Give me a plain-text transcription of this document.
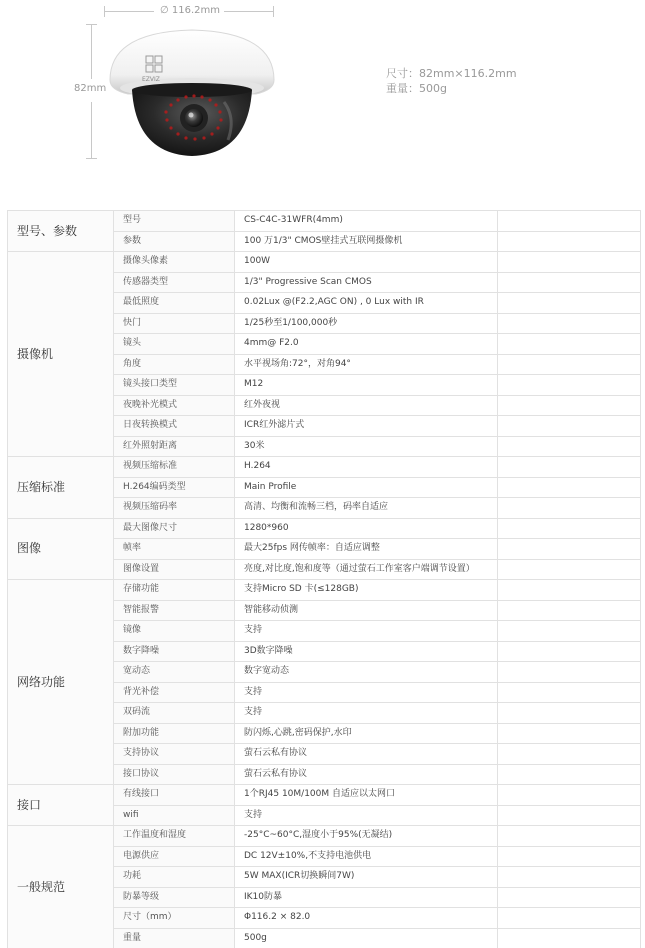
∅ 116.2mm
82mm
EZVIZ	尺寸：82mm×116.2mm
重量：500g
型号、参数	型号	CS-C4C-31WFR(4mm)	
	参数	100 万1/3" CMOS壁挂式互联网摄像机	
摄像机	摄像头像素	100W	
	传感器类型	1/3" Progressive Scan CMOS	
	最低照度	0.02Lux @(F2.2,AGC ON) , 0 Lux with IR	
	快门	1/25秒至1/100,000秒	
	镜头	4mm@ F2.0	
	角度	水平视场角:72°，对角94°	
	镜头接口类型	M12	
	夜晚补光模式	红外夜视	
	日夜转换模式	ICR红外滤片式	
	红外照射距离	30米	
压缩标准	视频压缩标准	H.264	
	H.264编码类型	Main Profile	
	视频压缩码率	高清、均衡和流畅三档，码率自适应	
图像	最大图像尺寸	1280*960	
	帧率	最大25fps 网传帧率：自适应调整	
	图像设置	亮度,对比度,饱和度等（通过萤石工作室客户端调节设置）	
网络功能	存储功能	支持Micro SD 卡(≤128GB)	
	智能报警	智能移动侦测	
	镜像	支持	
	数字降噪	3D数字降噪	
	宽动态	数字宽动态	
	背光补偿	支持	
	双码流	支持	
	附加功能	防闪烁,心跳,密码保护,水印	
	支持协议	萤石云私有协议	
	接口协议	萤石云私有协议	
接口	有线接口	1个RJ45 10M/100M 自适应以太网口	
	wifi	支持	
一般规范	工作温度和湿度	-25°C~60°C,湿度小于95%(无凝结)	
	电源供应	DC 12V±10%,不支持电池供电	
	功耗	5W MAX(ICR切换瞬间7W)	
	防暴等级	IK10防暴	
	尺寸（mm）	Φ116.2 × 82.0	
	重量	500g	
